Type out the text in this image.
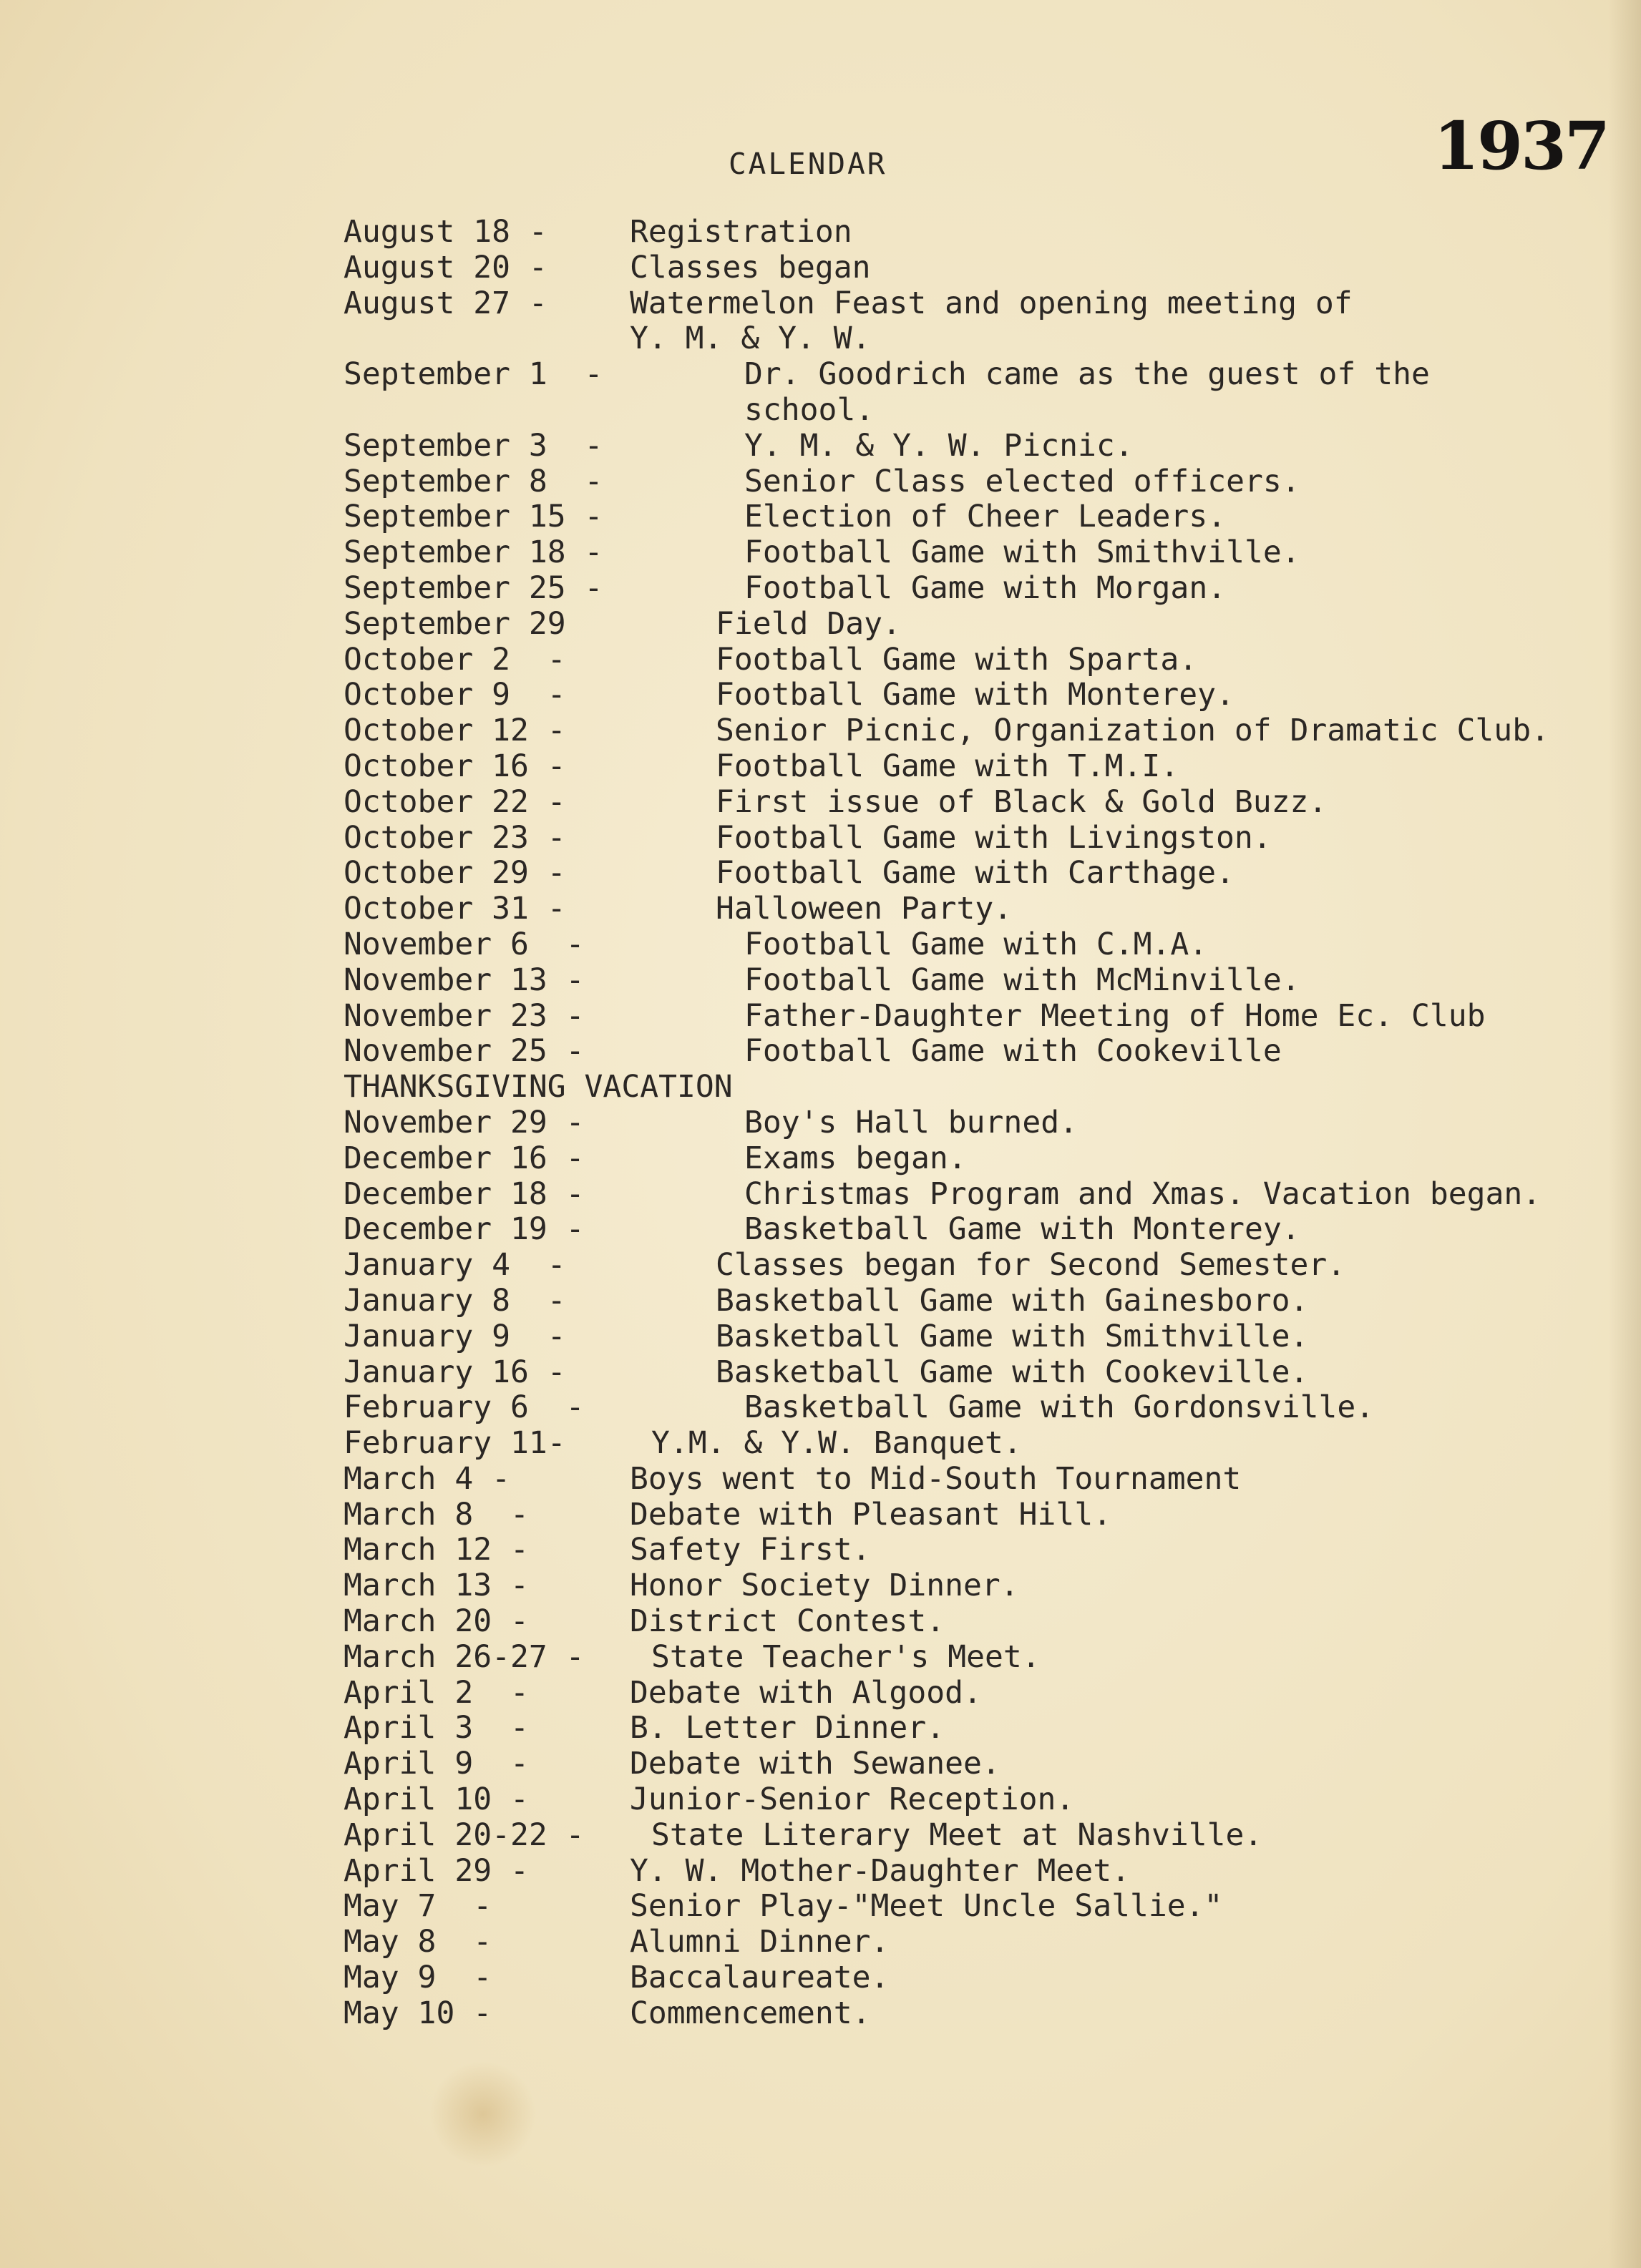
1937
CALENDAR
August 18 -	Registration
August 20 -	Classes began
August 27 -	Watermelon Feast and opening meeting of
Y. M. & Y. W.
September 1  -	Dr. Goodrich came as the guest of the
school.
September 3  -	Y. M. & Y. W. Picnic.
September 8  -	Senior Class elected officers.
September 15 -	Election of Cheer Leaders.
September 18 -	Football Game with Smithville.
September 25 -	Football Game with Morgan.
September 29	Field Day.
October 2  -	Football Game with Sparta.
October 9  -	Football Game with Monterey.
October 12 -	Senior Picnic, Organization of Dramatic Club.
October 16 -	Football Game with T.M.I.
October 22 -	First issue of Black & Gold Buzz.
October 23 -	Football Game with Livingston.
October 29 -	Football Game with Carthage.
October 31 -	Halloween Party.
November 6  -	Football Game with C.M.A.
November 13 -	Football Game with McMinville.
November 23 -	Father-Daughter Meeting of Home Ec. Club
November 25 -	Football Game with Cookeville
THANKSGIVING VACATION
November 29 -	Boy's Hall burned.
December 16 -	Exams began.
December 18 -	Christmas Program and Xmas. Vacation began.
December 19 -	Basketball Game with Monterey.
January 4  -	Classes began for Second Semester.
January 8  -	Basketball Game with Gainesboro.
January 9  -	Basketball Game with Smithville.
January 16 -	Basketball Game with Cookeville.
February 6  -	Basketball Game with Gordonsville.
February 11-	Y.M. & Y.W. Banquet.
March 4 -	Boys went to Mid-South Tournament
March 8  -	Debate with Pleasant Hill.
March 12 -	Safety First.
March 13 -	Honor Society Dinner.
March 20 -	District Contest.
March 26-27 -	State Teacher's Meet.
April 2  -	Debate with Algood.
April 3  -	B. Letter Dinner.
April 9  -	Debate with Sewanee.
April 10 -	Junior-Senior Reception.
April 20-22 -	State Literary Meet at Nashville.
April 29 -	Y. W. Mother-Daughter Meet.
May 7  -	Senior Play-"Meet Uncle Sallie."
May 8  -	Alumni Dinner.
May 9  -	Baccalaureate.
May 10 -	Commencement.
